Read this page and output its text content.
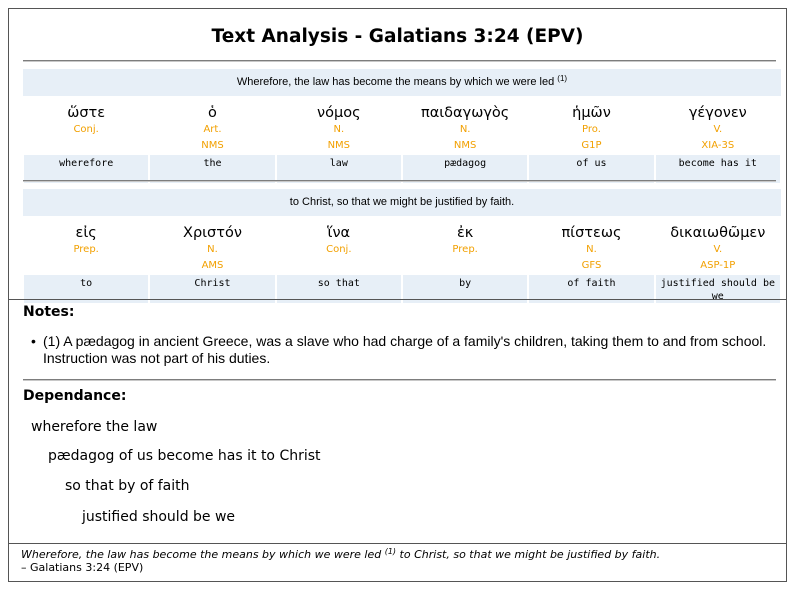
Text Analysis - Galatians 3:24 (EPV)
Wherefore, the law has become the means by which we were led $^{(1)}$
ὥστε
Conj.
wherefore
ὁ
Art.
NMS
the
νόμος
N.
NMS
law
παιδαγωγὸς
N.
NMS
pædagog
ἡμῶν
Pro.
G1P
of us
γέγονεν
V.
XIA-3S
become has it
to Christ, so that we might be justified by faith.
εἰς
Prep.
to
Χριστόν
N.
AMS
Christ
ἵνα
Conj.
so that
ἐκ
Prep.
by
πίστεως
N.
GFS
of faith
δικαιωθῶμεν
V.
ASP-1P
justified should be we
Notes:
• (1) A pædagog in ancient Greece, was a slave who had charge of a family's children, taking them to and from school. Instruction was not part of his duties.
Dependance:
wherefore the law
pædagog of us become has it to Christ
so that by of faith
justified should be we
Wherefore, the law has become the means by which we were led $^{(1)}$ to Christ, so that we might be justified by faith.
– Galatians 3:24 (EPV)
